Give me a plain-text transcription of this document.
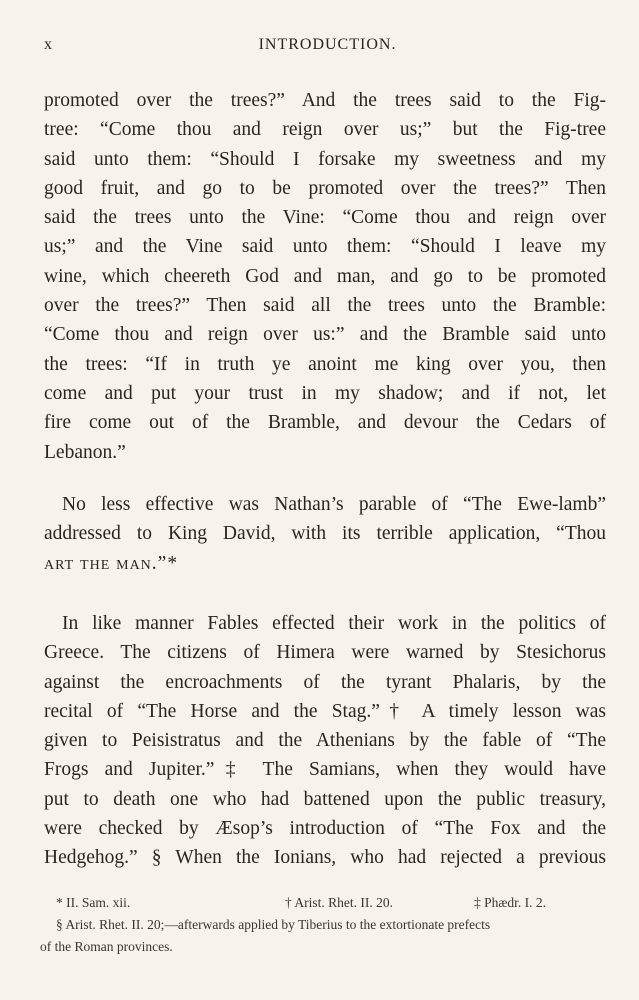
x	INTRODUCTION.
promoted over the trees?” And the trees said to the Fig-
tree: “Come thou and reign over us;” but the Fig-tree
said unto them: “Should I forsake my sweetness and my
good fruit, and go to be promoted over the trees?” Then
said the trees unto the Vine: “Come thou and reign over
us;” and the Vine said unto them: “Should I leave my
wine, which cheereth God and man, and go to be promoted
over the trees?” Then said all the trees unto the Bramble:
“Come thou and reign over us:” and the Bramble said unto
the trees: “If in truth ye anoint me king over you, then
come and put your trust in my shadow; and if not, let
fire come out of the Bramble, and devour the Cedars of
Lebanon.”
No less effective was Nathan’s parable of “The Ewe-lamb”
addressed to King David, with its terrible application, “Thou
art the man.”*
In like manner Fables effected their work in the politics of
Greece. The citizens of Himera were warned by Stesichorus
against the encroachments of the tyrant Phalaris, by the
recital of “The Horse and the Stag.”† A timely lesson was
given to Peisistratus and the Athenians by the fable of “The
Frogs and Jupiter.”‡ The Samians, when they would have
put to death one who had battened upon the public treasury,
were checked by Æsop’s introduction of “The Fox and the
Hedgehog.” § When the Ionians, who had rejected a previous
* II. Sam. xii.	† Arist. Rhet. II. 20.	‡ Phædr. I. 2.
§ Arist. Rhet. II. 20;—afterwards applied by Tiberius to the extortionate prefects
of the Roman provinces.
